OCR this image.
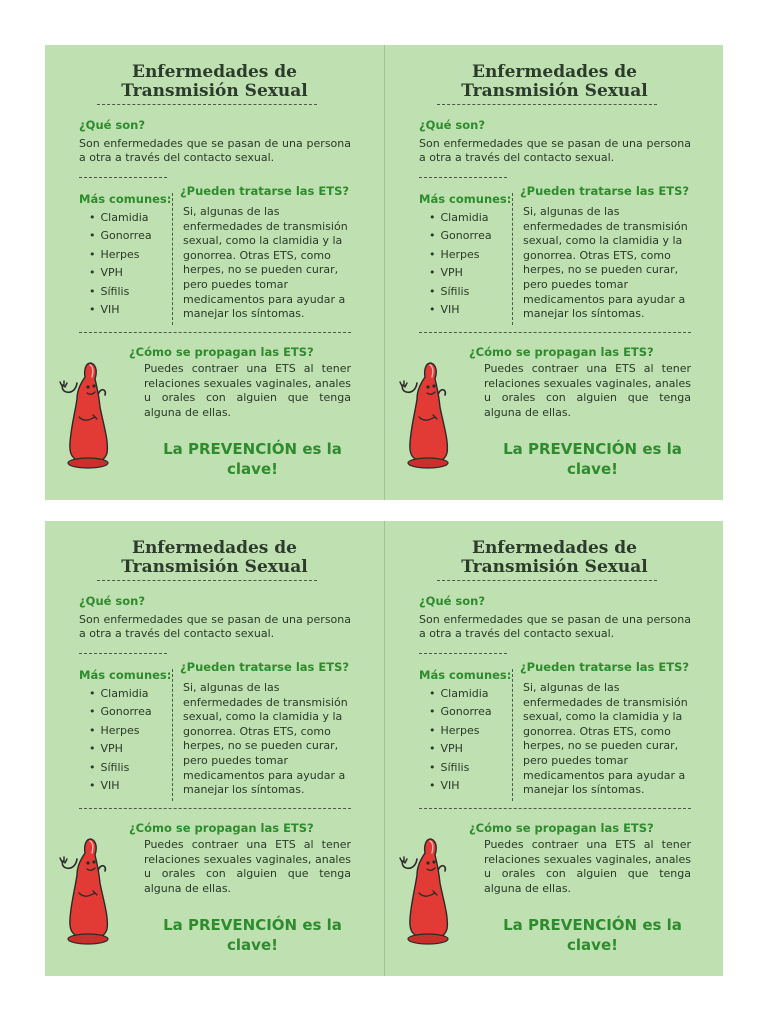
Enfermedades de
Transmisión Sexual
¿Qué son?
Son enfermedades que se pasan de una persona a otra a través del contacto sexual.
Más comunes:
• Clamidia
• Gonorrea
• Herpes
• VPH
• Sífilis
• VIH
¿Pueden tratarse las ETS?
Si, algunas de las enfermedades de transmisión sexual, como la clamidia y la gonorrea. Otras ETS, como herpes, no se pueden curar, pero puedes tomar medicamentos para ayudar a manejar los síntomas.
¿Cómo se propagan las ETS?
Puedes contraer una ETS al tener relaciones sexuales vaginales, anales u orales con alguien que tenga alguna de ellas.
La PREVENCIÓN es la clave!
Enfermedades de
Transmisión Sexual
¿Qué son?
Son enfermedades que se pasan de una persona a otra a través del contacto sexual.
Más comunes:
• Clamidia
• Gonorrea
• Herpes
• VPH
• Sífilis
• VIH
¿Pueden tratarse las ETS?
Si, algunas de las enfermedades de transmisión sexual, como la clamidia y la gonorrea. Otras ETS, como herpes, no se pueden curar, pero puedes tomar medicamentos para ayudar a manejar los síntomas.
¿Cómo se propagan las ETS?
Puedes contraer una ETS al tener relaciones sexuales vaginales, anales u orales con alguien que tenga alguna de ellas.
La PREVENCIÓN es la clave!
Enfermedades de
Transmisión Sexual
¿Qué son?
Son enfermedades que se pasan de una persona a otra a través del contacto sexual.
Más comunes:
• Clamidia
• Gonorrea
• Herpes
• VPH
• Sífilis
• VIH
¿Pueden tratarse las ETS?
Si, algunas de las enfermedades de transmisión sexual, como la clamidia y la gonorrea. Otras ETS, como herpes, no se pueden curar, pero puedes tomar medicamentos para ayudar a manejar los síntomas.
¿Cómo se propagan las ETS?
Puedes contraer una ETS al tener relaciones sexuales vaginales, anales u orales con alguien que tenga alguna de ellas.
La PREVENCIÓN es la clave!
Enfermedades de
Transmisión Sexual
¿Qué son?
Son enfermedades que se pasan de una persona a otra a través del contacto sexual.
Más comunes:
• Clamidia
• Gonorrea
• Herpes
• VPH
• Sífilis
• VIH
¿Pueden tratarse las ETS?
Si, algunas de las enfermedades de transmisión sexual, como la clamidia y la gonorrea. Otras ETS, como herpes, no se pueden curar, pero puedes tomar medicamentos para ayudar a manejar los síntomas.
¿Cómo se propagan las ETS?
Puedes contraer una ETS al tener relaciones sexuales vaginales, anales u orales con alguien que tenga alguna de ellas.
La PREVENCIÓN es la clave!
